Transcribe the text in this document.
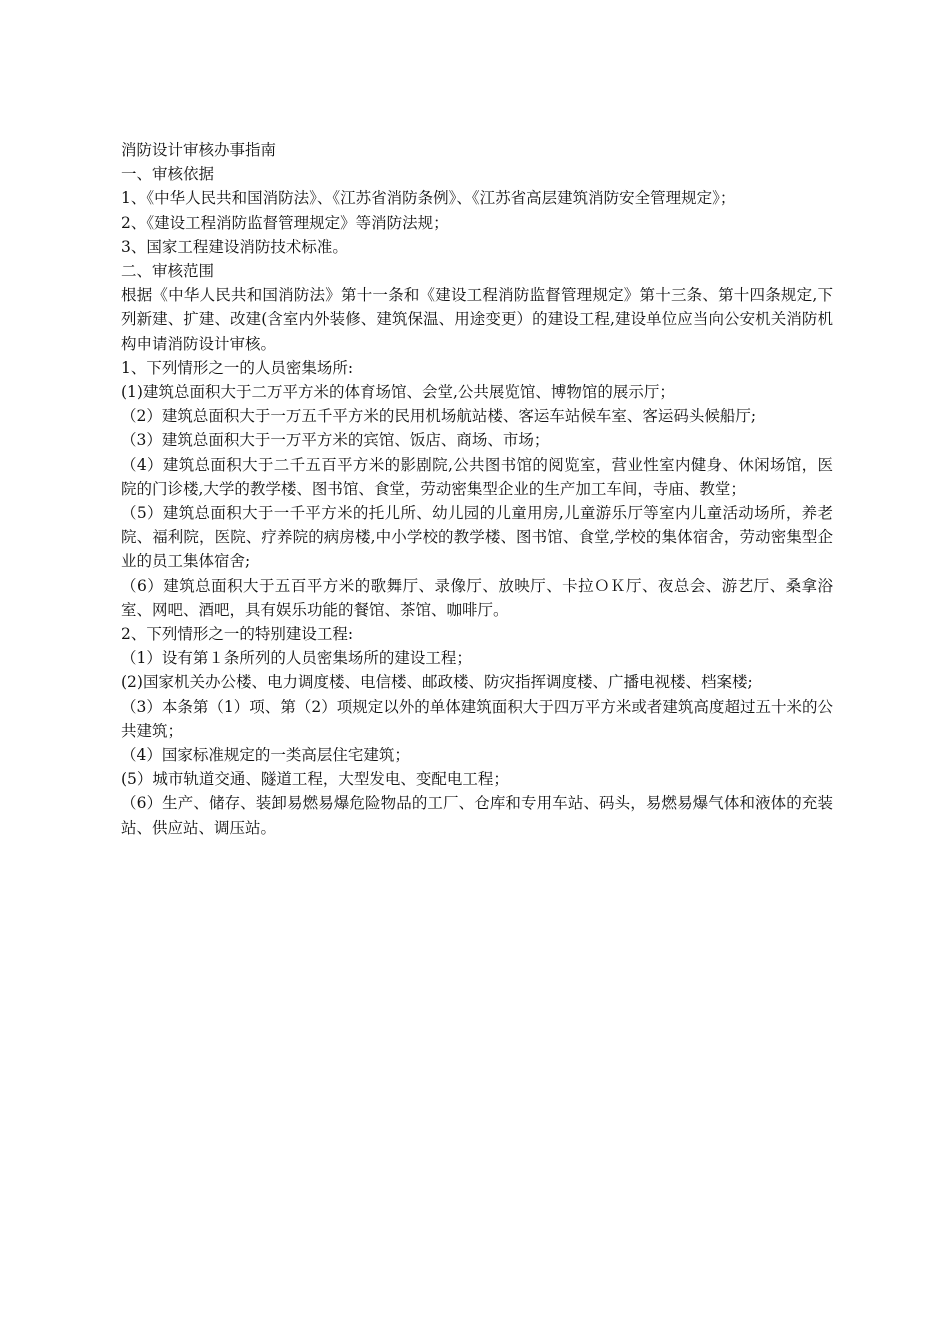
消防设计审核办事指南

一、审核依据

1、《中华人民共和国消防法》、《江苏省消防条例》、《江苏省高层建筑消防安全管理规定》；

2、《建设工程消防监督管理规定》等消防法规；

3、国家工程建设消防技术标准。

二、审核范围

根据《中华人民共和国消防法》第十一条和《建设工程消防监督管理规定》第十三条、第十四条规定,下列新建、扩建、改建(含室内外装修、建筑保温、用途变更）的建设工程,建设单位应当向公安机关消防机构申请消防设计审核。

1、下列情形之一的人员密集场所:

(1)建筑总面积大于二万平方米的体育场馆、会堂,公共展览馆、博物馆的展示厅；

（2）建筑总面积大于一万五千平方米的民用机场航站楼、客运车站候车室、客运码头候船厅;

（3）建筑总面积大于一万平方米的宾馆、饭店、商场、市场；

（4）建筑总面积大于二千五百平方米的影剧院,公共图书馆的阅览室，营业性室内健身、休闲场馆，医院的门诊楼,大学的教学楼、图书馆、食堂，劳动密集型企业的生产加工车间，寺庙、教堂；

（5）建筑总面积大于一千平方米的托儿所、幼儿园的儿童用房,儿童游乐厅等室内儿童活动场所，养老院、福利院，医院、疗养院的病房楼,中小学校的教学楼、图书馆、食堂,学校的集体宿舍，劳动密集型企业的员工集体宿舍;

（6）建筑总面积大于五百平方米的歌舞厅、录像厅、放映厅、卡拉ＯＫ厅、夜总会、游艺厅、桑拿浴室、网吧、酒吧，具有娱乐功能的餐馆、茶馆、咖啡厅。

2、下列情形之一的特别建设工程:

（1）设有第１条所列的人员密集场所的建设工程；

(2)国家机关办公楼、电力调度楼、电信楼、邮政楼、防灾指挥调度楼、广播电视楼、档案楼;

（3）本条第（1）项、第（2）项规定以外的单体建筑面积大于四万平方米或者建筑高度超过五十米的公共建筑；

（4）国家标准规定的一类高层住宅建筑；

(5）城市轨道交通、隧道工程，大型发电、变配电工程；

（6）生产、储存、装卸易燃易爆危险物品的工厂、仓库和专用车站、码头，易燃易爆气体和液体的充装站、供应站、调压站。
